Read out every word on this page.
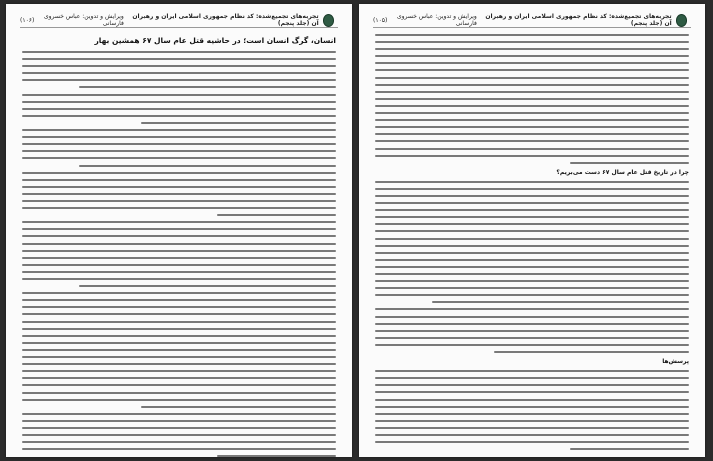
تجربه‌های تجمیع‌شده: کد نظام جمهوری اسلامی ایران و رهبران آن (جلد پنجم)
ویرایش و تدوین: عباس خسروی فارسانی
(۱۰۶)
انسان، گرگ انسان است؛ در حاشیه قتل عام سال ۶۷ همشین بهار
تجربه‌های تجمیع‌شده: کد نظام جمهوری اسلامی ایران و رهبران آن (جلد پنجم)
ویرایش و تدوین: عباس خسروی فارسانی
(۱۰۵)
چرا در تاریخ قتل عام سال ۶۷ دست می‌بریم؟
پرسش‌ها
